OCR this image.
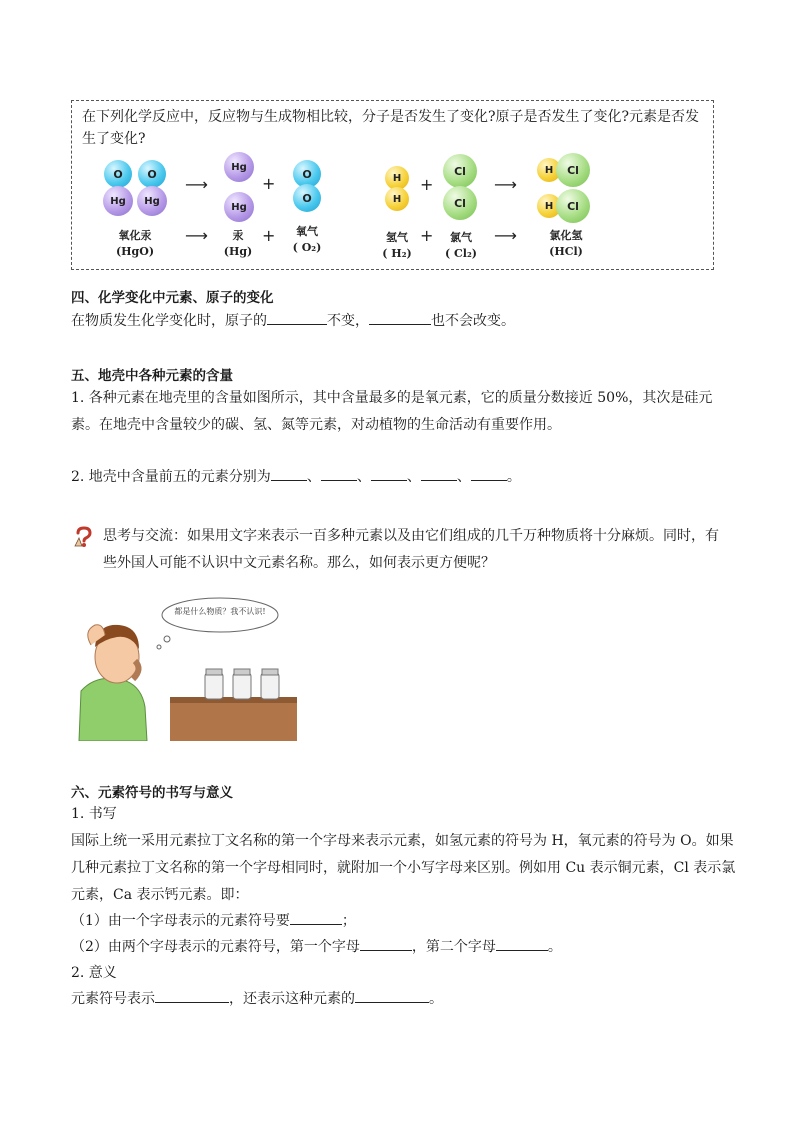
在下列化学反应中，反应物与生成物相比较，分子是否发生了变化?原子是否发生了变化?元素是否发生了变化?
O
Hg
O
Hg
⟶
Hg
Hg
+	O
O
H
H
+
Cl
Cl
⟶
H	Cl
H	Cl
氧化汞
(HgO)
⟶	汞
(Hg)
+	氧气
( O₂)
氢气
( H₂)
+	氯气
( Cl₂)
⟶	氯化氢
(HCl)
四、化学变化中元素、原子的变化
在物质发生化学变化时，原子的	不变，	也不会改变。
五、地壳中各种元素的含量
1. 各种元素在地壳里的含量如图所示，其中含量最多的是氧元素，它的质量分数接近 50%，其次是硅元素。在地壳中含量较少的碳、氢、氮等元素，对动植物的生命活动有重要作用。
2. 地壳中含量前五的元素分别为	、	、	、	、	。
思考与交流：如果用文字来表示一百多种元素以及由它们组成的几千万种物质将十分麻烦。同时，有些外国人可能不认识中文元素名称。那么，如何表示更方便呢？
都是什么物质？我不认识!
六、元素符号的书写与意义
1. 书写
国际上统一采用元素拉丁文名称的第一个字母来表示元素，如氢元素的符号为 H，氧元素的符号为 O。如果几种元素拉丁文名称的第一个字母相同时，就附加一个小写字母来区别。例如用 Cu 表示铜元素，Cl 表示氯元素，Ca 表示钙元素。即：
（1）由一个字母表示的元素符号要	；
（2）由两个字母表示的元素符号，第一个字母	，第二个字母	。
2. 意义
元素符号表示	，还表示这种元素的	。
